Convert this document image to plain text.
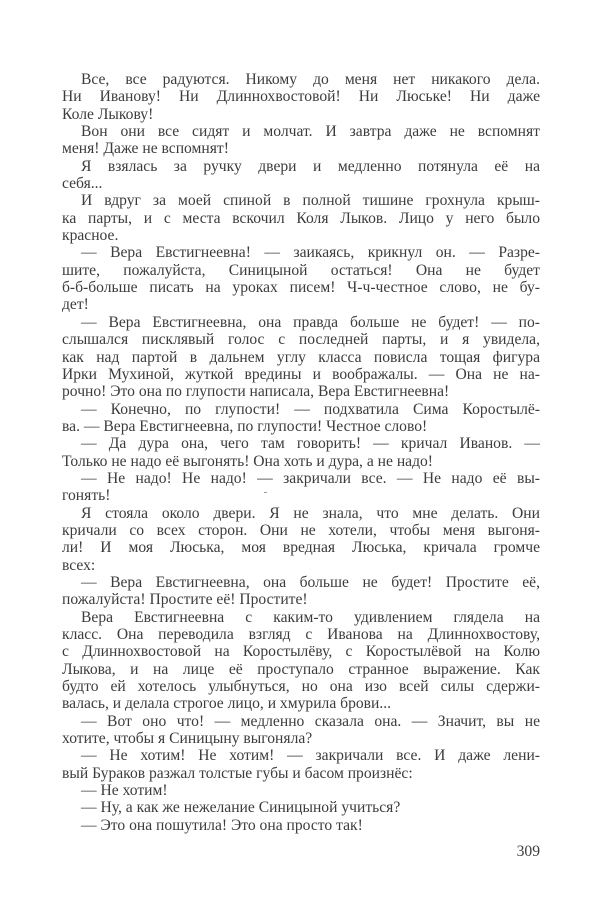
Все, все радуются. Никому до меня нет никакого дела.
Ни Иванову! Ни Длиннохвостовой! Ни Люське! Ни даже
Коле Лыкову!
Вон они все сидят и молчат. И завтра даже не вспомнят
меня! Даже не вспомнят!
Я взялась за ручку двери и медленно потянула её на
себя...
И вдруг за моей спиной в полной тишине грохнула крыш-
ка парты, и с места вскочил Коля Лыков. Лицо у него было
красное.
— Вера Евстигнеевна! — заикаясь, крикнул он. — Разре-
шите, пожалуйста, Синицыной остаться! Она не будет
б-б-больше писать на уроках писем! Ч-ч-честное слово, не бу-
дет!
— Вера Евстигнеевна, она правда больше не будет! — по-
слышался писклявый голос с последней парты, и я увидела,
как над партой в дальнем углу класса повисла тощая фигура
Ирки Мухиной, жуткой вредины и воображалы. — Она не на-
рочно! Это она по глупости написала, Вера Евстигнеевна!
— Конечно, по глупости! — подхватила Сима Коростылё-
ва. — Вера Евстигнеевна, по глупости! Честное слово!
— Да дура она, чего там говорить! — кричал Иванов. —
Только не надо её выгонять! Она хоть и дура, а не надо!
— Не надо! Не надо! — закричали все. — Не надо её вы-
гонять!
Я стояла около двери. Я не знала, что мне делать. Они
кричали со всех сторон. Они не хотели, чтобы меня выгоня-
ли! И моя Люська, моя вредная Люська, кричала громче
всех:
— Вера Евстигнеевна, она больше не будет! Простите её,
пожалуйста! Простите её! Простите!
Вера Евстигнеевна с каким-то удивлением глядела на
класс. Она переводила взгляд с Иванова на Длиннохвостову,
с Длиннохвостовой на Коростылёву, с Коростылёвой на Колю
Лыкова, и на лице её проступало странное выражение. Как
будто ей хотелось улыбнуться, но она изо всей силы сдержи-
валась, и делала строгое лицо, и хмурила брови...
— Вот оно что! — медленно сказала она. — Значит, вы не
хотите, чтобы я Синицыну выгоняла?
— Не хотим! Не хотим! — закричали все. И даже лени-
вый Бураков разжал толстые губы и басом произнёс:
— Не хотим!
— Ну, а как же нежелание Синицыной учиться?
— Это она пошутила! Это она просто так!
309
